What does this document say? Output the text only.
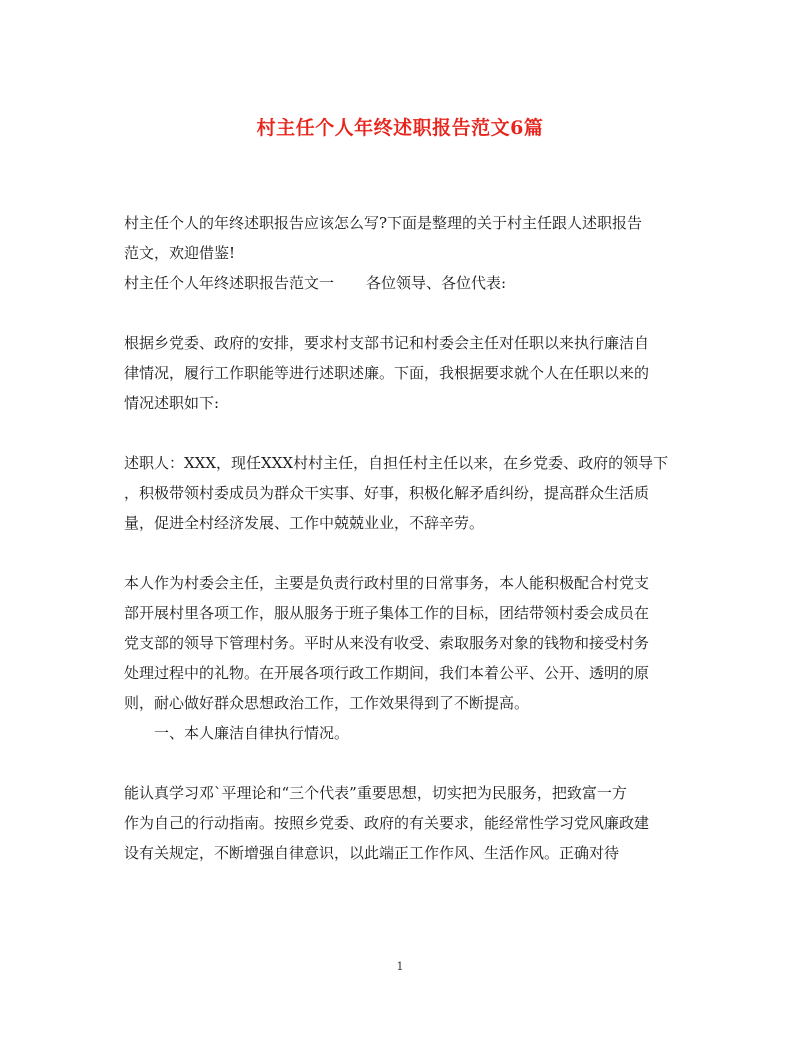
村主任个人年终述职报告范文6篇

村主任个人的年终述职报告应该怎么写?下面是整理的关于村主任跟人述职报告

范文，欢迎借鉴!

村主任个人年终述职报告范文一 各位领导、各位代表:

根据乡党委、政府的安排，要求村支部书记和村委会主任对任职以来执行廉洁自

律情况，履行工作职能等进行述职述廉。下面，我根据要求就个人在任职以来的

情况述职如下:

述职人：XXX，现任XXX村村主任，自担任村主任以来，在乡党委、政府的领导下

，积极带领村委成员为群众干实事、好事，积极化解矛盾纠纷，提高群众生活质

量，促进全村经济发展、工作中兢兢业业，不辞辛劳。

本人作为村委会主任，主要是负责行政村里的日常事务，本人能积极配合村党支

部开展村里各项工作，服从服务于班子集体工作的目标，团结带领村委会成员在

党支部的领导下管理村务。平时从来没有收受、索取服务对象的钱物和接受村务

处理过程中的礼物。在开展各项行政工作期间，我们本着公平、公开、透明的原

则，耐心做好群众思想政治工作，工作效果得到了不断提高。

一、本人廉洁自律执行情况。

能认真学习邓`平理论和“三个代表”重要思想，切实把为民服务，把致富一方

作为自己的行动指南。按照乡党委、政府的有关要求，能经常性学习党风廉政建

设有关规定，不断增强自律意识，以此端正工作作风、生活作风。正确对待

1
